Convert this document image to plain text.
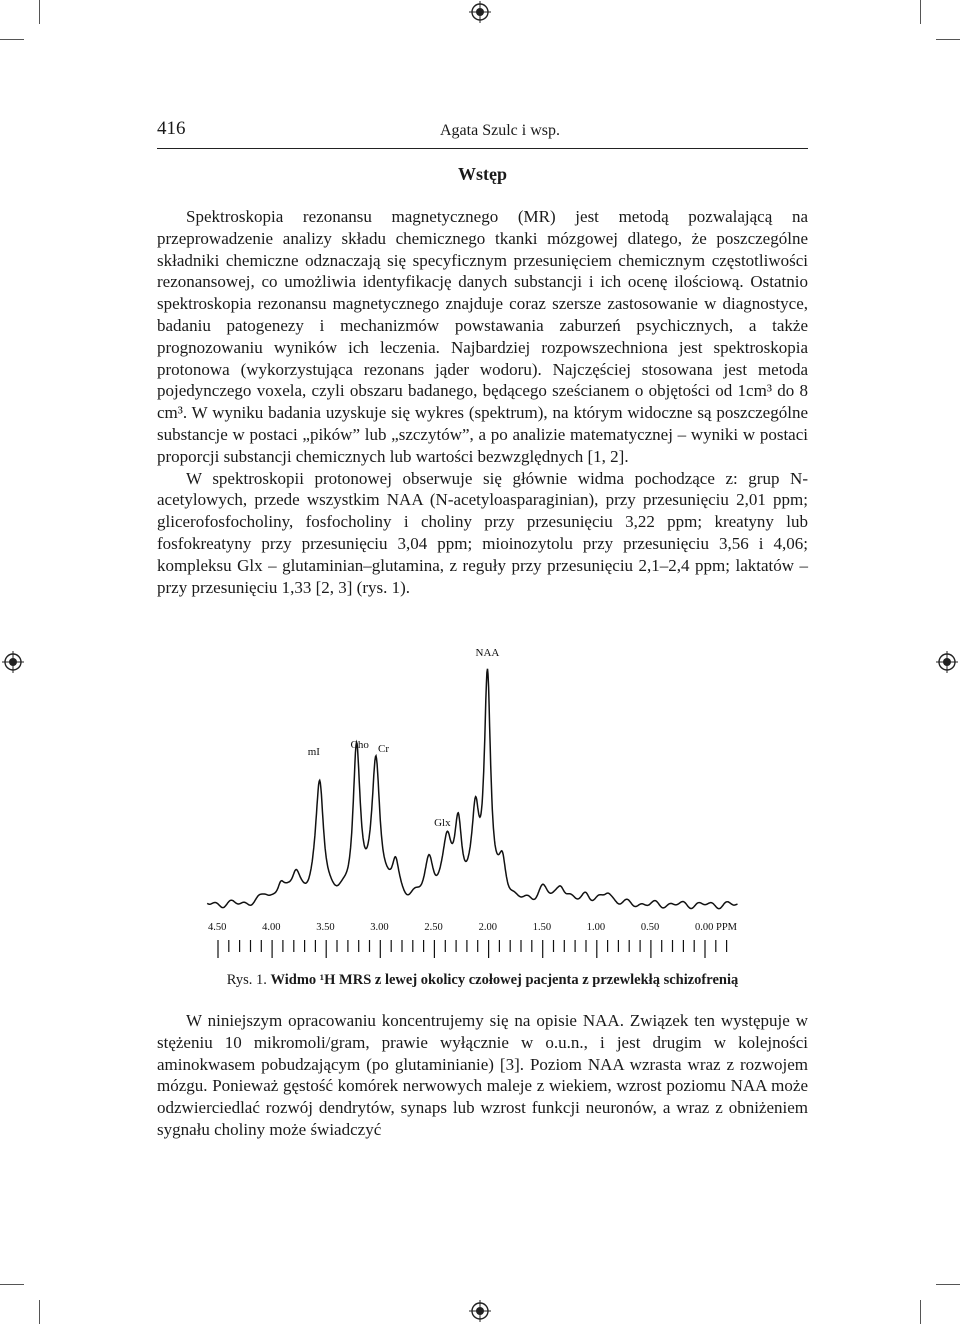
416	Agata Szulc i wsp.
Wstęp

Spektroskopia rezonansu magnetycznego (MR) jest metodą pozwalającą na przeprowadzenie analizy składu chemicznego tkanki mózgowej dlatego, że poszczególne składniki chemiczne odznaczają się specyficznym przesunięciem chemicznym częstotliwości rezonansowej, co umożliwia identyfikację danych substancji i ich ocenę ilościową. Ostatnio spektroskopia rezonansu magnetycznego znajduje coraz szersze zastosowanie w diagnostyce, badaniu patogenezy i mechanizmów powstawania zaburzeń psychicznych, a także prognozowaniu wyników ich leczenia. Najbardziej rozpowszechniona jest spektroskopia protonowa (wykorzystująca rezonans jąder wodoru). Najczęściej stosowana jest metoda pojedynczego voxela, czyli obszaru badanego, będącego sześcianem o objętości od 1cm³ do 8 cm³. W wyniku badania uzyskuje się wykres (spektrum), na którym widoczne są poszczególne substancje w postaci „pików” lub „szczytów”, a po analizie matematycznej – wyniki w postaci proporcji substancji chemicznych lub wartości bezwzględnych [1, 2].

W spektroskopii protonowej obserwuje się głównie widma pochodzące z: grup N-acetylowych, przede wszystkim NAA (N-acetyloasparaginian), przy przesunięciu 2,01 ppm; glicerofosfocholiny, fosfocholiny i choliny przy przesunięciu 3,22 ppm; kreatyny lub fosfokreatyny przy przesunięciu 3,04 ppm; mioinozytolu przy przesunięciu 3,56 i 4,06; kompleksu Glx – glutaminian–glutamina, z reguły przy przesunięciu 2,1–2,4 ppm; laktatów – przy przesunięciu 1,33 [2, 3] (rys. 1).

mI
Cho Cr
Glx
NAA
4.50	4.00	3.50	3.00	2.50	2.00	1.50	1.00	0.50	0.00 PPM
Rys. 1. Widmo ¹H MRS z lewej okolicy czołowej pacjenta z przewlekłą schizofrenią

W niniejszym opracowaniu koncentrujemy się na opisie NAA. Związek ten występuje w stężeniu 10 mikromoli/gram, prawie wyłącznie w o.u.n., i jest drugim w kolejności aminokwasem pobudzającym (po glutaminianie) [3]. Poziom NAA wzrasta wraz z rozwojem mózgu. Ponieważ gęstość komórek nerwowych maleje z wiekiem, wzrost poziomu NAA może odzwierciedlać rozwój dendrytów, synaps lub wzrost funkcji neuronów, a wraz z obniżeniem sygnału choliny może świadczyć
